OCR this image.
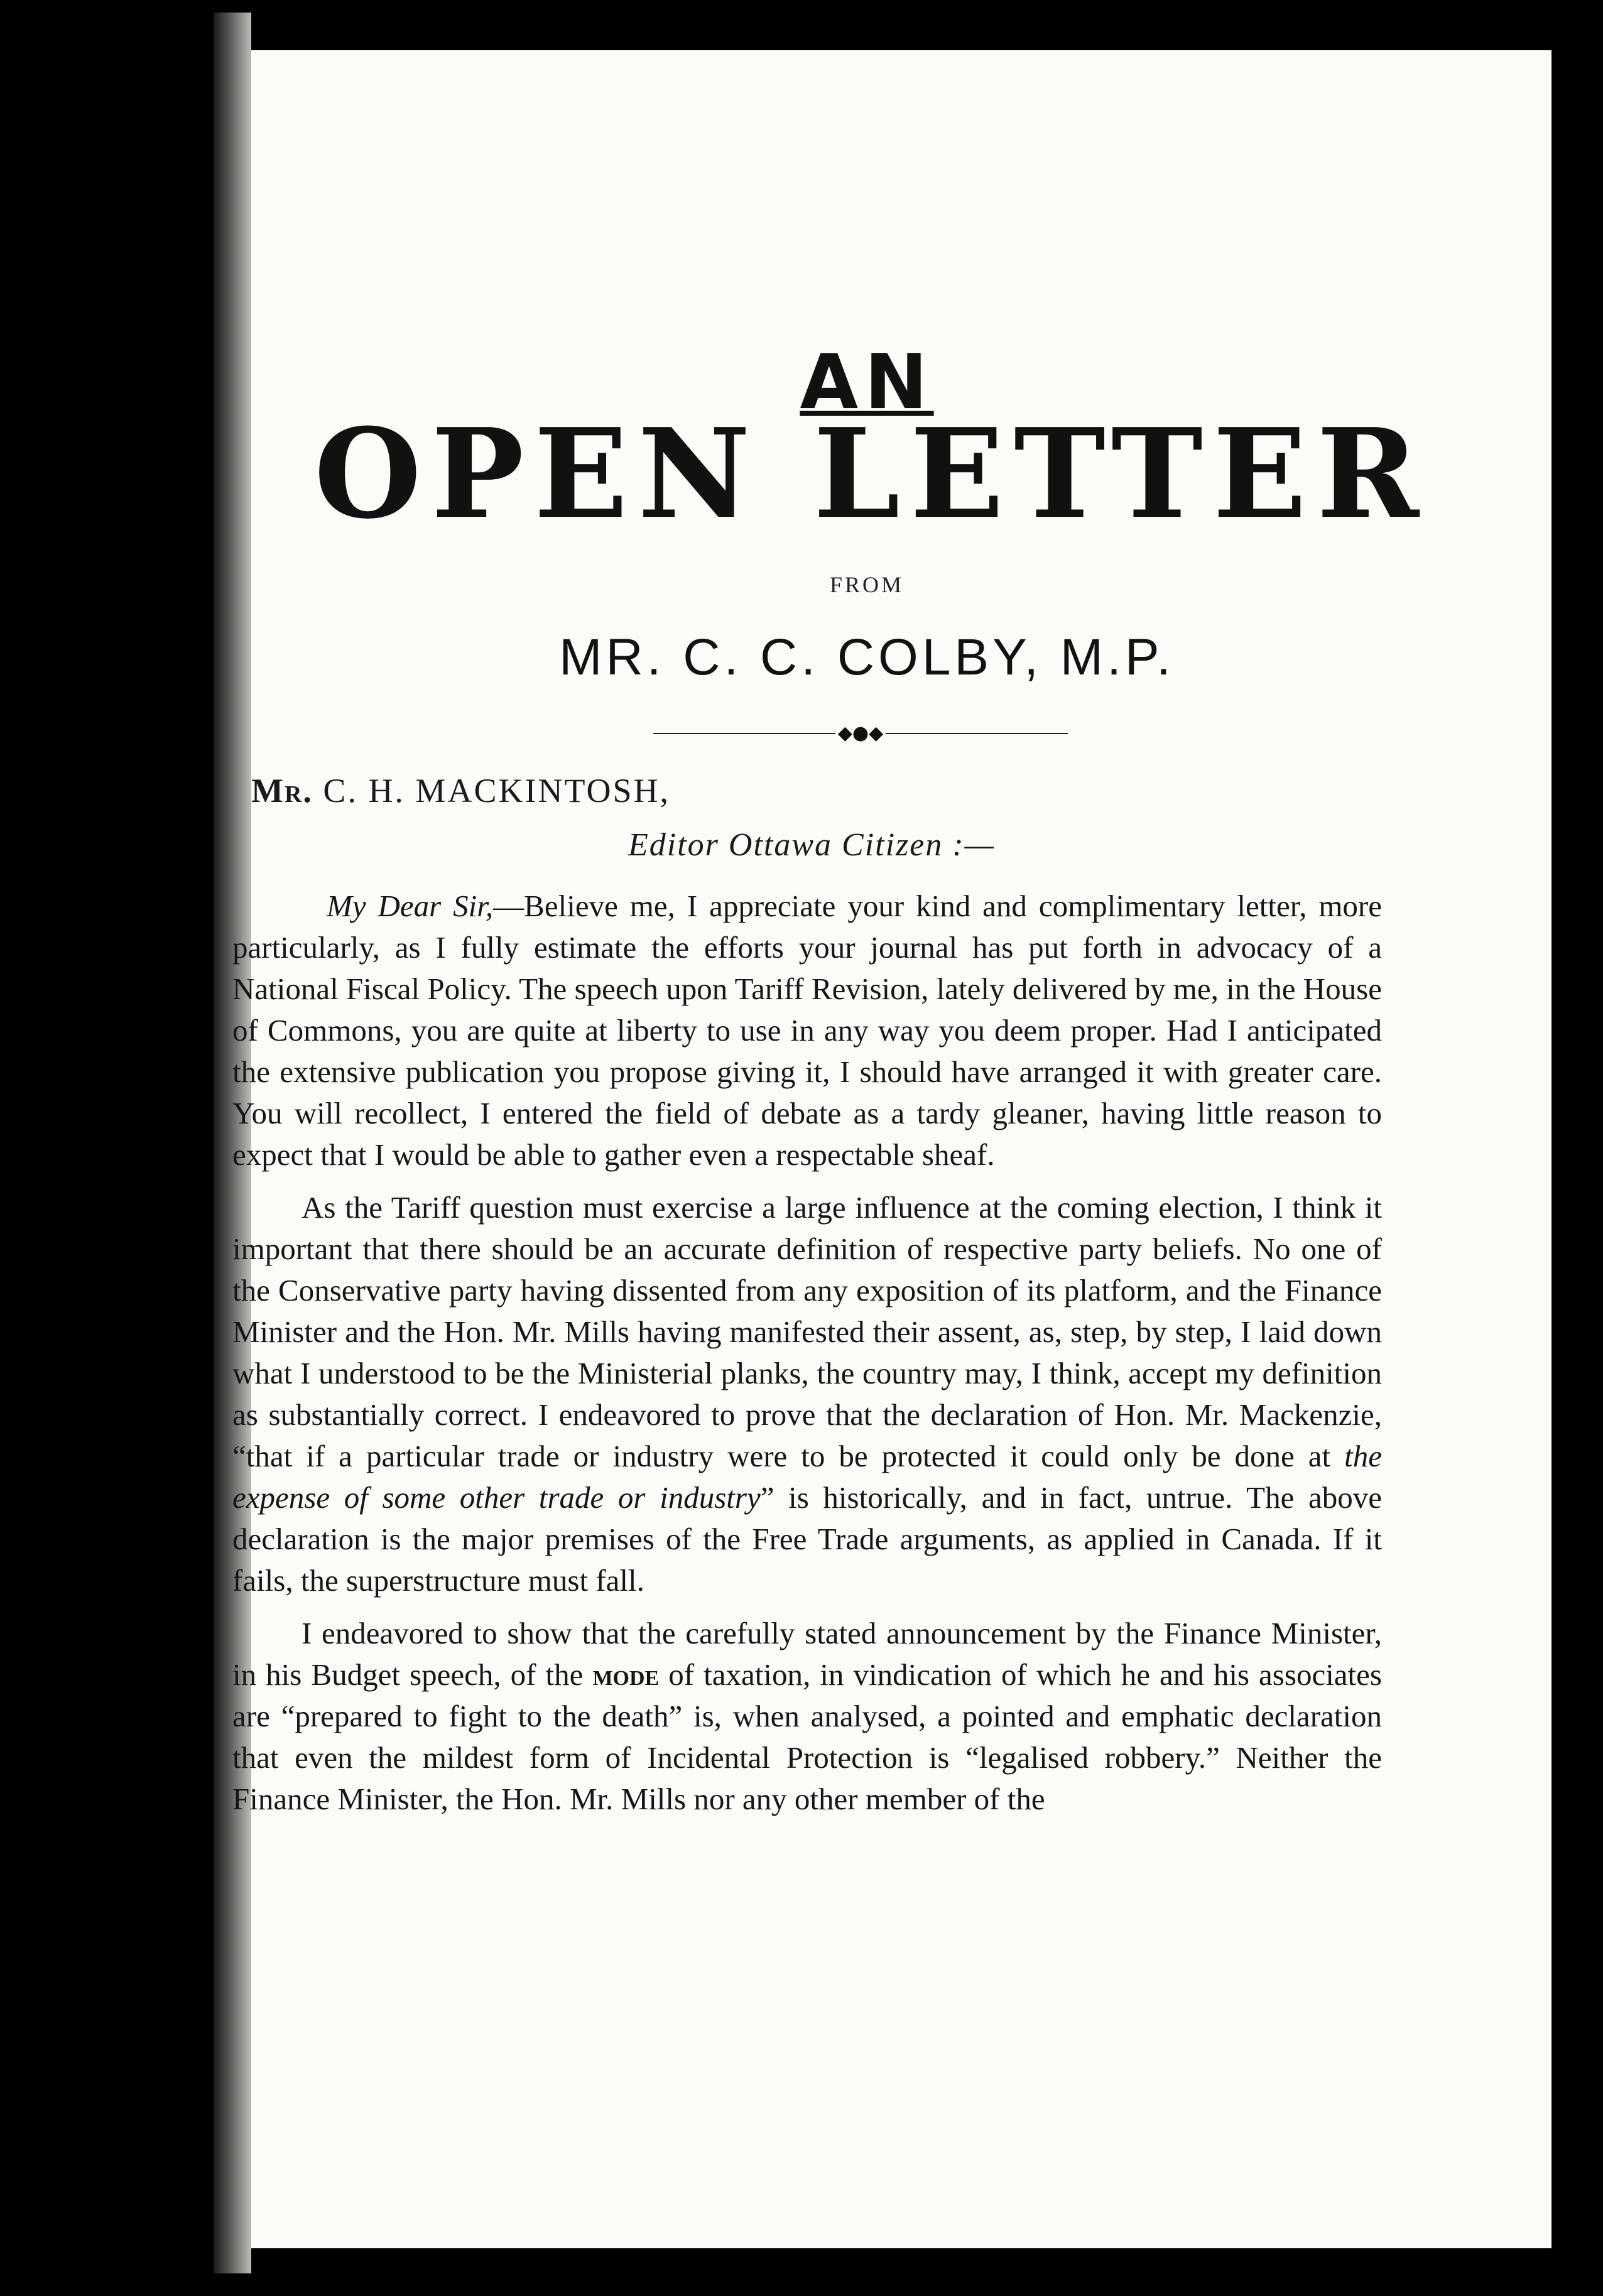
AN
OPEN LETTER
FROM
MR. C. C. COLBY, M.P.
◆●◆
Mr. C. H. MACKINTOSH,
Editor Ottawa Citizen :—

My Dear Sir,—Believe me, I appreciate your kind and complimentary letter, more particularly, as I fully estimate the efforts your journal has put forth in advocacy of a National Fiscal Policy. The speech upon Tariff Revision, lately delivered by me, in the House of Commons, you are quite at liberty to use in any way you deem proper. Had I anticipated the extensive publication you propose giving it, I should have arranged it with greater care. You will recollect, I entered the field of debate as a tardy gleaner, having little reason to expect that I would be able to gather even a respectable sheaf.

As the Tariff question must exercise a large influence at the coming election, I think it important that there should be an accurate definition of respective party beliefs. No one of the Conservative party having dissented from any exposition of its platform, and the Finance Minister and the Hon. Mr. Mills having manifested their assent, as, step, by step, I laid down what I understood to be the Ministerial planks, the country may, I think, accept my definition as substantially correct. I endeavored to prove that the declaration of Hon. Mr. Mackenzie, “that if a particular trade or industry were to be protected it could only be done at the expense of some other trade or industry” is historically, and in fact, untrue. The above declaration is the major premises of the Free Trade arguments, as applied in Canada. If it fails, the superstructure must fall.

I endeavored to show that the carefully stated announcement by the Finance Minister, in his Budget speech, of the mode of taxation, in vindication of which he and his associates are “prepared to fight to the death” is, when analysed, a pointed and emphatic declaration that even the mildest form of Incidental Protection is “legalised robbery.” Neither the Finance Minister, the Hon. Mr. Mills nor any other member of the
